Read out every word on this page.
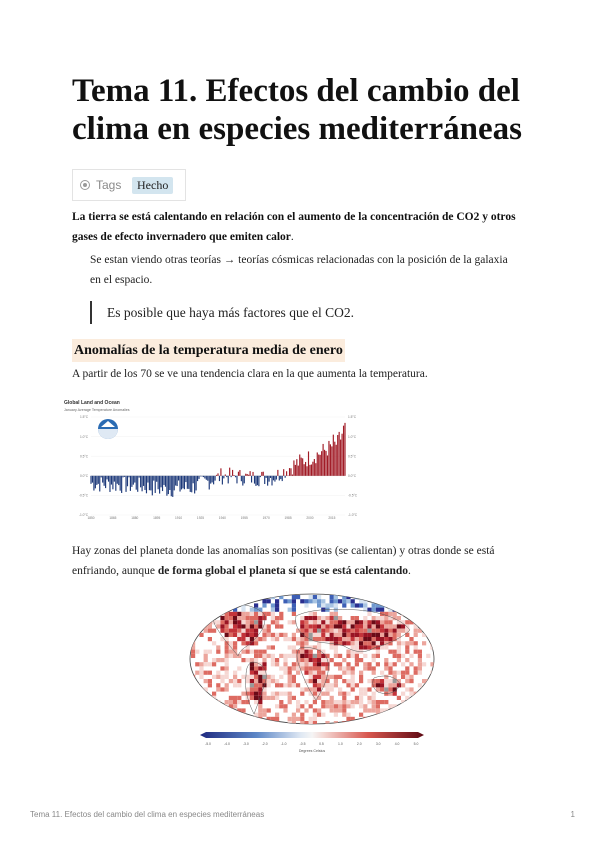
Tema 11. Efectos del cambio del clima en especies mediterráneas
Tags	Hecho
La tierra se está calentando en relación con el aumento de la concentración de CO2 y otros gases de efecto invernadero que emiten calor.
Se estan viendo otras teorías → teorías cósmicas relacionadas con la posición de la galaxia en el espacio.
Es posible que haya más factores que el CO2.
Anomalías de la temperatura media de enero
A partir de los 70 se ve una tendencia clara en la que aumenta la temperatura.
Global Land and Ocean
January Average Temperature Anomalies
1.5°C	1.5°C
1.0°C	1.0°C
0.5°C	0.5°C
0.0°C	0.0°C
-0.5°C	-0.5°C
-1.0°C	-1.0°C
1850	1865	1880	1895	1910	1925	1940	1955	1970	1985	2000	2015
Hay zonas del planeta donde las anomalías son positivas (se calientan) y otras donde se está enfriando, aunque de forma global el planeta sí que se está calentando.
-5.0	-4.0	-3.0	-2.0	-1.0	-0.5	0.5	1.0	2.0	3.0	4.0	5.0
Degrees Celsius
Tema 11. Efectos del cambio del clima en especies mediterráneas	1
